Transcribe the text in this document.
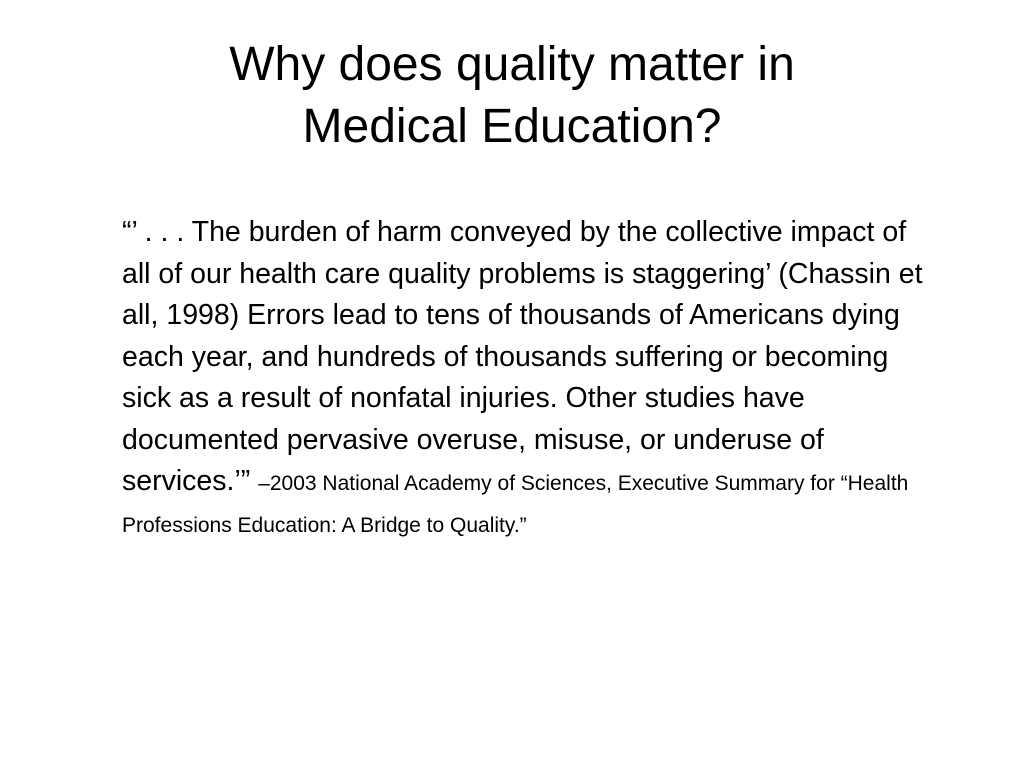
Why does quality matter in
Medical Education?

“’ . . . The burden of harm conveyed by the collective impact of all of our health care quality problems is staggering’ (Chassin et all, 1998) Errors lead to tens of thousands of Americans dying each year, and hundreds of thousands suffering or becoming sick as a result of nonfatal injuries. Other studies have documented pervasive overuse, misuse, or underuse of services.’” –2003 National Academy of Sciences, Executive Summary for “Health Professions Education: A Bridge to Quality.”
